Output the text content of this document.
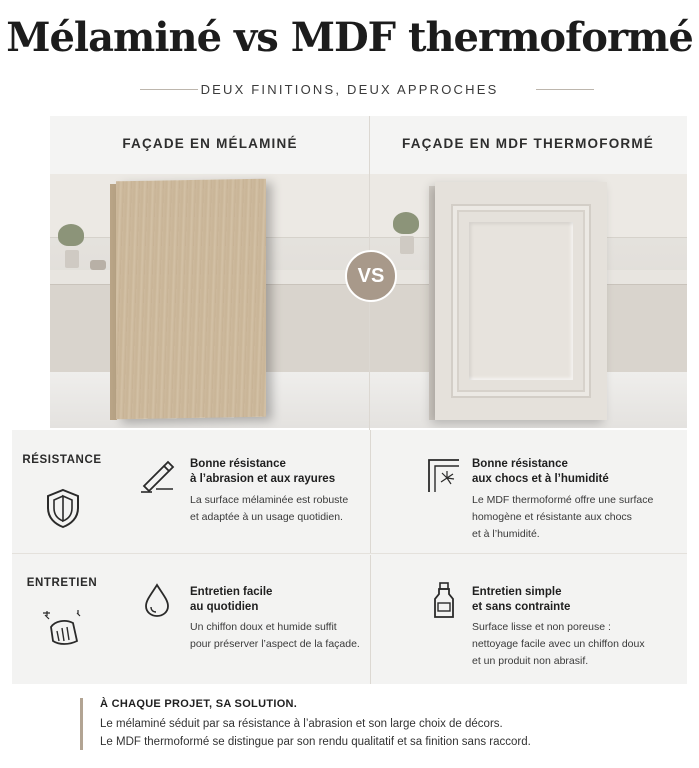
Mélaminé vs MDF thermoformé
DEUX FINITIONS, DEUX APPROCHES
FAÇADE EN MÉLAMINÉ	FAÇADE EN MDF THERMOFORMÉ
VS
RÉSISTANCE	Bonne résistance
à l’abrasion et aux rayures
La surface mélaminée est robuste
et adaptée à un usage quotidien.
Bonne résistance
aux chocs et à l’humidité
Le MDF thermoformé offre une surface
homogène et résistante aux chocs
et à l’humidité.
ENTRETIEN
Entretien facile
au quotidien
Un chiffon doux et humide suffit
pour préserver l’aspect de la façade.
Entretien simple
et sans contrainte
Surface lisse et non poreuse :
nettoyage facile avec un chiffon doux
et un produit non abrasif.
À CHAQUE PROJET, SA SOLUTION.
Le mélaminé séduit par sa résistance à l’abrasion et son large choix de décors.
Le MDF thermoformé se distingue par son rendu qualitatif et sa finition sans raccord.
